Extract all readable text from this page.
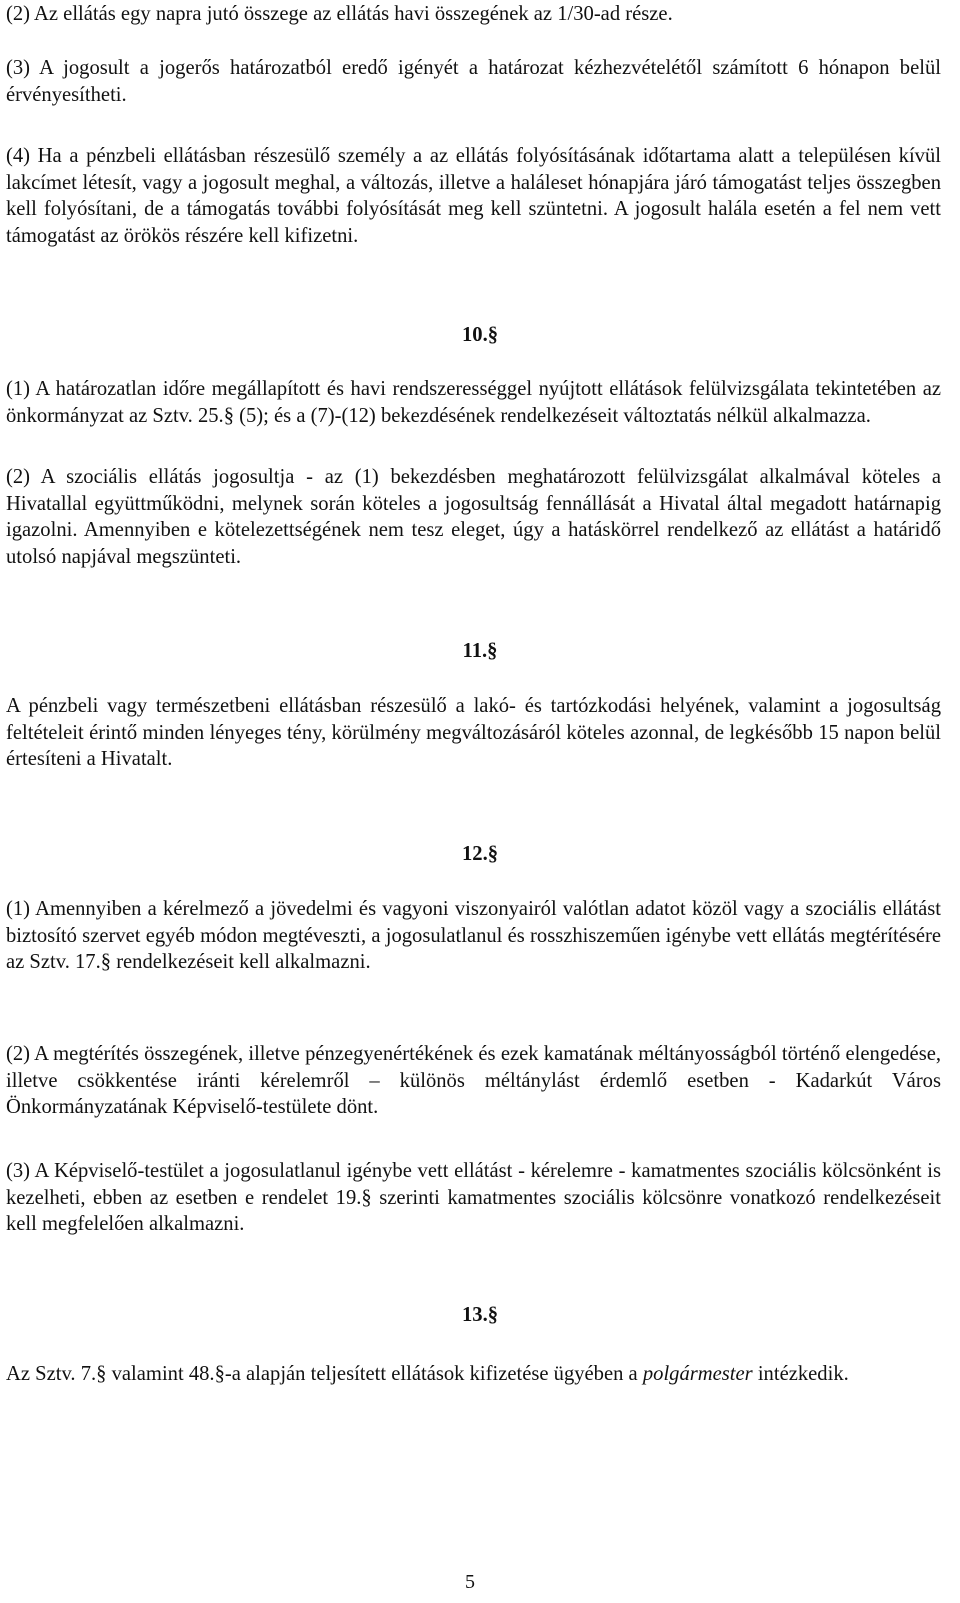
(2) Az ellátás egy napra jutó összege az ellátás havi összegének az 1/30-ad része.

(3) A jogosult a jogerős határozatból eredő igényét a határozat kézhezvételétől számított 6 hónapon belül érvényesítheti.

(4) Ha a pénzbeli ellátásban részesülő személy a az ellátás folyósításának időtartama alatt a településen kívül lakcímet létesít, vagy a jogosult meghal, a változás, illetve a haláleset hónapjára járó támogatást teljes összegben kell folyósítani, de a támogatás további folyósítását meg kell szüntetni. A jogosult halála esetén a fel nem vett támogatást az örökös részére kell kifizetni.

10.§

(1) A határozatlan időre megállapított és havi rendszerességgel nyújtott ellátások felülvizsgálata tekintetében az önkormányzat az Sztv. 25.§ (5); és a (7)-(12) bekezdésének rendelkezéseit változtatás nélkül alkalmazza.

(2) A szociális ellátás jogosultja - az (1) bekezdésben meghatározott felülvizsgálat alkalmával köteles a Hivatallal együttműködni, melynek során köteles a jogosultság fennállását a Hivatal által megadott határnapig igazolni. Amennyiben e kötelezettségének nem tesz eleget, úgy a hatáskörrel rendelkező az ellátást a határidő utolsó napjával megszünteti.

11.§

A pénzbeli vagy természetbeni ellátásban részesülő a lakó- és tartózkodási helyének, valamint a jogosultság feltételeit érintő minden lényeges tény, körülmény megváltozásáról köteles azonnal, de legkésőbb 15 napon belül értesíteni a Hivatalt.

12.§

(1) Amennyiben a kérelmező a jövedelmi és vagyoni viszonyairól valótlan adatot közöl vagy a szociális ellátást biztosító szervet egyéb módon megtéveszti, a jogosulatlanul és rosszhiszeműen igénybe vett ellátás megtérítésére az Sztv. 17.§ rendelkezéseit kell alkalmazni.

(2) A megtérítés összegének, illetve pénzegyenértékének és ezek kamatának méltányosságból történő elengedése, illetve csökkentése iránti kérelemről – különös méltánylást érdemlő esetben - Kadarkút Város Önkormányzatának Képviselő-testülete dönt.

(3) A Képviselő-testület a jogosulatlanul igénybe vett ellátást - kérelemre - kamatmentes szociális kölcsönként is kezelheti, ebben az esetben e rendelet 19.§ szerinti kamatmentes szociális kölcsönre vonatkozó rendelkezéseit kell megfelelően alkalmazni.

13.§

Az Sztv. 7.§ valamint 48.§-a alapján teljesített ellátások kifizetése ügyében a polgármester intézkedik.

5
